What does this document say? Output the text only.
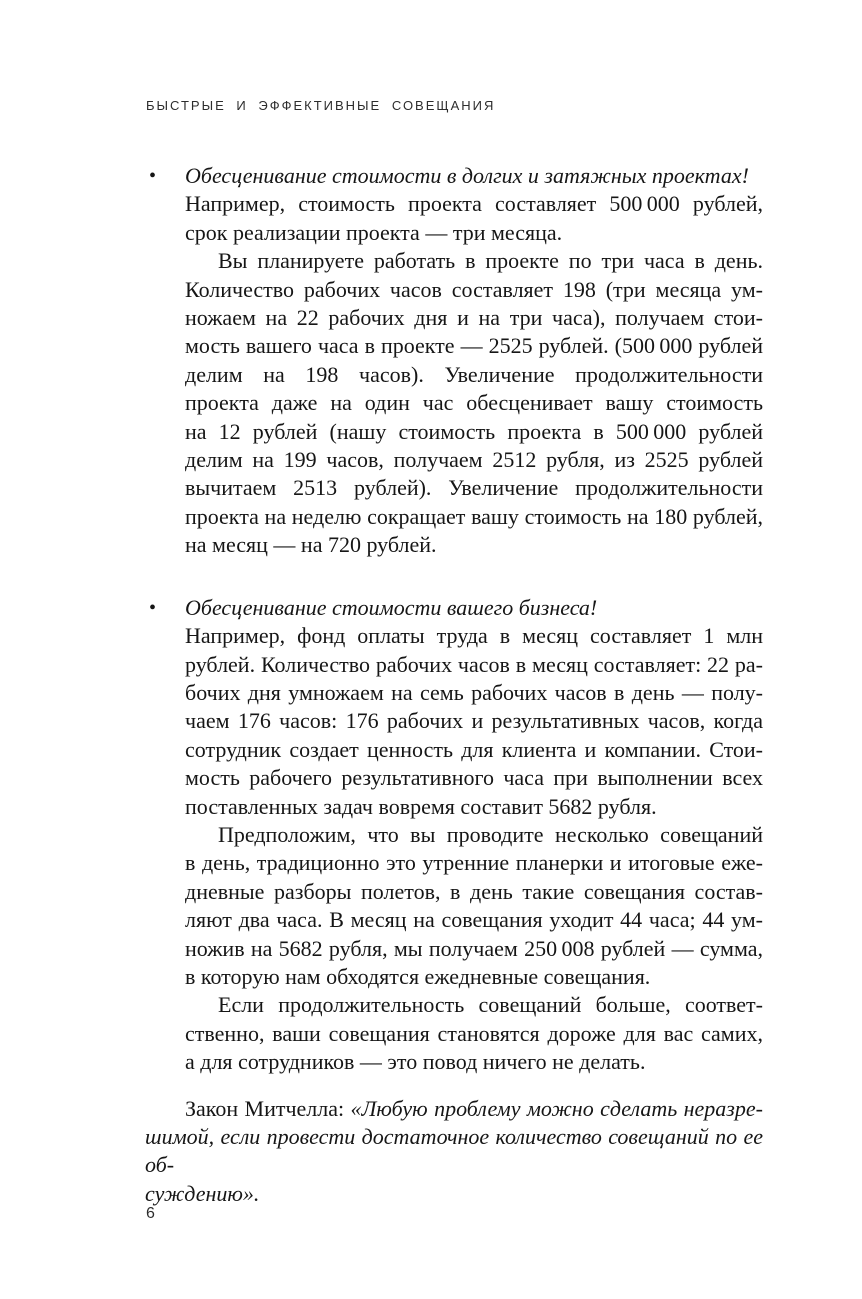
БЫСТРЫЕ И ЭФФЕКТИВНЫЕ СОВЕЩАНИЯ
• Обесценивание стоимости в долгих и затяжных проектах!
Например, стоимость проекта составляет 500 000 рублей,
срок реализации проекта — три месяца.
Вы планируете работать в проекте по три часа в день.
Количество рабочих часов составляет 198 (три месяца ум-
ножаем на 22 рабочих дня и на три часа), получаем стои-
мость вашего часа в проекте — 2525 рублей. (500 000 рублей
делим на 198 часов). Увеличение продолжительности
проекта даже на один час обесценивает вашу стоимость
на 12 рублей (нашу стоимость проекта в 500 000 рублей
делим на 199 часов, получаем 2512 рубля, из 2525 рублей
вычитаем 2513 рублей). Увеличение продолжительности
проекта на неделю сокращает вашу стоимость на 180 рублей,
на месяц — на 720 рублей.
• Обесценивание стоимости вашего бизнеса!
Например, фонд оплаты труда в месяц составляет 1 млн
рублей. Количество рабочих часов в месяц составляет: 22 ра-
бочих дня умножаем на семь рабочих часов в день — полу-
чаем 176 часов: 176 рабочих и результативных часов, когда
сотрудник создает ценность для клиента и компании. Стои-
мость рабочего результативного часа при выполнении всех
поставленных задач вовремя составит 5682 рубля.
Предположим, что вы проводите несколько совещаний
в день, традиционно это утренние планерки и итоговые еже-
дневные разборы полетов, в день такие совещания состав-
ляют два часа. В месяц на совещания уходит 44 часа; 44 ум-
ножив на 5682 рубля, мы получаем 250 008 рублей — сумма,
в которую нам обходятся ежедневные совещания.
Если продолжительность совещаний больше, соответ-
ственно, ваши совещания становятся дороже для вас самих,
а для сотрудников — это повод ничего не делать.
Закон Митчелла: «Любую проблему можно сделать неразре-
шимой, если провести достаточное количество совещаний по ее об-
суждению».
6
